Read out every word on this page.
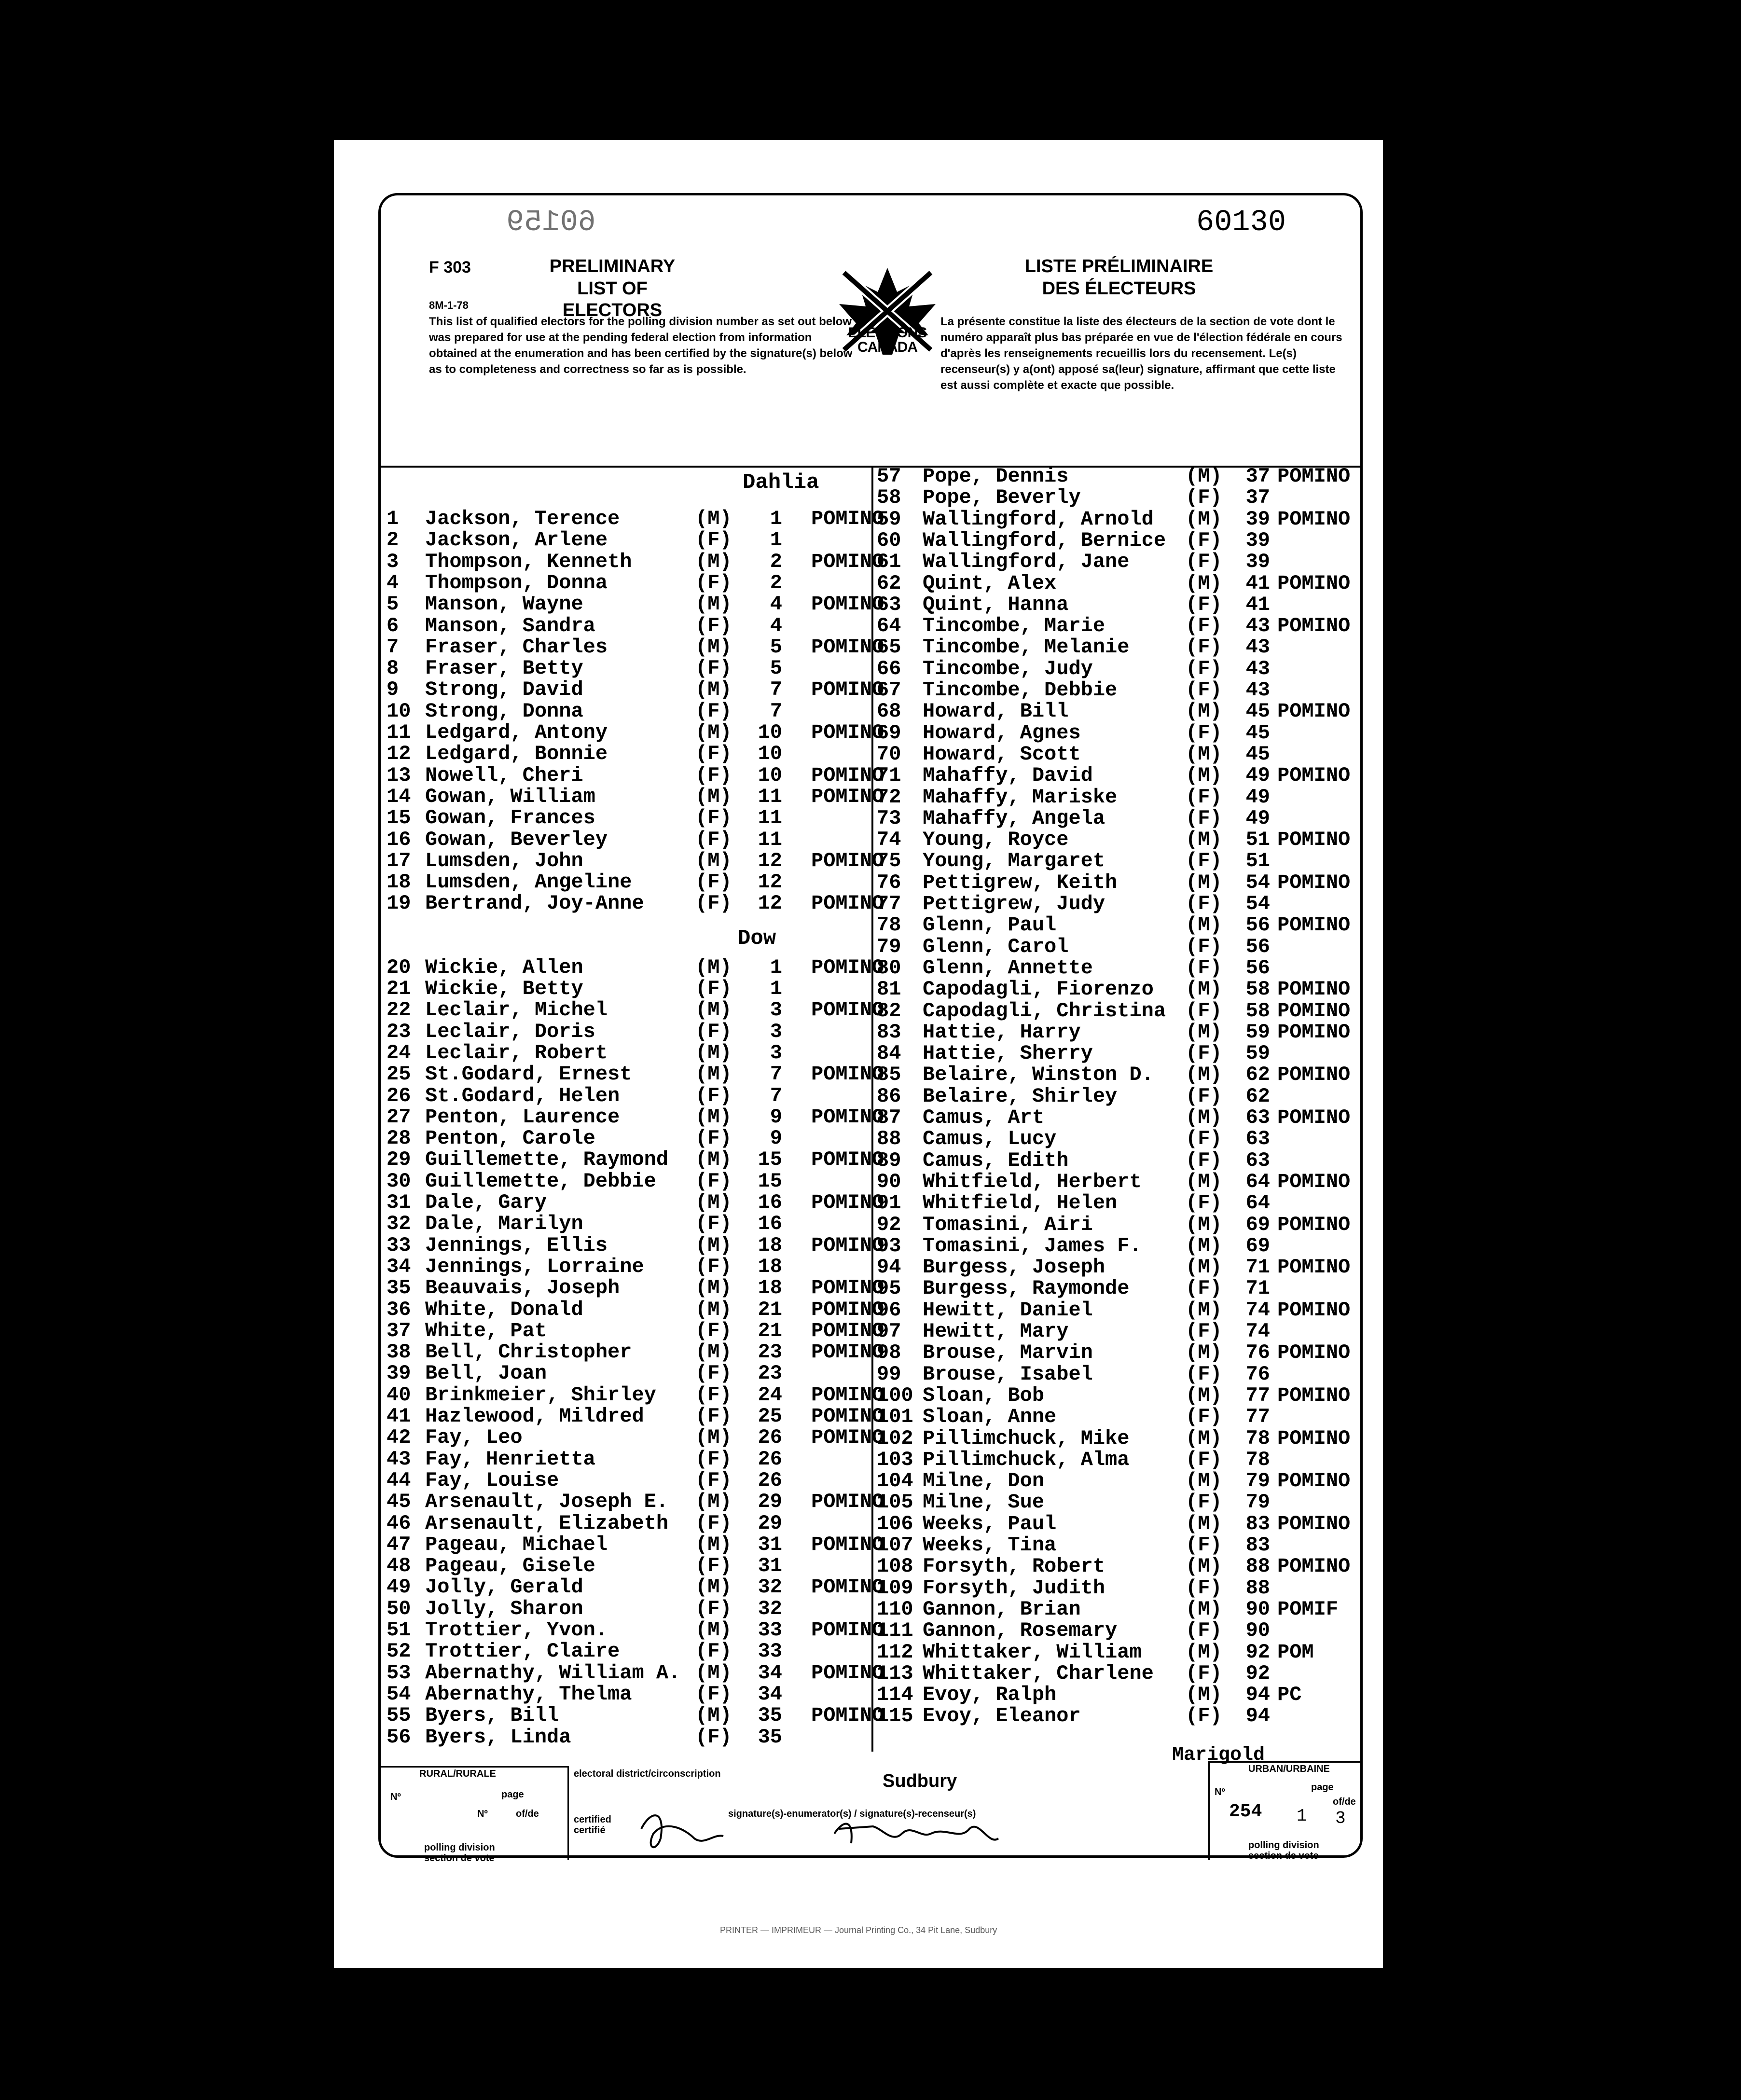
60159	60130
F 303
8M-1-78
PRELIMINARY LIST OF ELECTORS
LISTE PRÉLIMINAIRE DES ÉLECTEURS
ELECTIONS CANADA
This list of qualified electors for the polling division number as set out below was prepared for use at the pending federal election from information obtained at the enumeration and has been certified by the signature(s) below as to completeness and correctness so far as is possible.
La présente constitue la liste des électeurs de la section de vote dont le numéro apparaît plus bas préparée en vue de l'élection fédérale en cours d'après les renseignements recueillis lors du recensement. Le(s) recenseur(s) y a(ont) apposé sa(leur) signature, affirmant que cette liste est aussi complète et exacte que possible.
Dahlia
Dow
Marigold
1 Jackson, Terence	(M)	1 POMINO
2 Jackson, Arlene	(F)	1
3 Thompson, Kenneth	(M)	2 POMINO
4 Thompson, Donna	(F)	2
5 Manson, Wayne	(M)	4 POMINO
6 Manson, Sandra	(F)	4
7 Fraser, Charles	(M)	5 POMINO
8 Fraser, Betty	(F)	5
9 Strong, David	(M)	7 POMINO
10 Strong, Donna	(F)	7
11 Ledgard, Antony	(M)	10 POMINO
12 Ledgard, Bonnie	(F)	10
13 Nowell, Cheri	(F)	10 POMINO
14 Gowan, William	(M)	11 POMINO
15 Gowan, Frances	(F)	11
16 Gowan, Beverley	(F)	11
17 Lumsden, John	(M)	12 POMINO
18 Lumsden, Angeline	(F)	12
19 Bertrand, Joy-Anne	(F)	12 POMINO
20 Wickie, Allen	(M)	1 POMINO
21 Wickie, Betty	(F)	1
22 Leclair, Michel	(M)	3 POMINO
23 Leclair, Doris	(F)	3
24 Leclair, Robert	(M)	3
25 St.Godard, Ernest	(M)	7 POMINO
26 St.Godard, Helen	(F)	7
27 Penton, Laurence	(M)	9 POMINO
28 Penton, Carole	(F)	9
29 Guillemette, Raymond (M)	15 POMINO
30 Guillemette, Debbie (F)	15
31 Dale, Gary	(M)	16 POMINO
32 Dale, Marilyn	(F)	16
33 Jennings, Ellis	(M)	18 POMINO
34 Jennings, Lorraine	(F)	18
35 Beauvais, Joseph	(M)	18 POMINO
36 White, Donald	(M)	21 POMINO
37 White, Pat	(F)	21 POMINO
38 Bell, Christopher	(M)	23 POMINO
39 Bell, Joan	(F)	23
40 Brinkmeier, Shirley (F)	24 POMINO
41 Hazlewood, Mildred	(F)	25 POMINO
42 Fay, Leo	(M)	26 POMINO
43 Fay, Henrietta	(F)	26
44 Fay, Louise	(F)	26
45 Arsenault, Joseph E. (M)	29 POMINO
46 Arsenault, Elizabeth (F)	29
47 Pageau, Michael	(M)	31 POMINO
48 Pageau, Gisele	(F)	31
49 Jolly, Gerald	(M)	32 POMINO
50 Jolly, Sharon	(F)	32
51 Trottier, Yvon.	(M)	33 POMINO
52 Trottier, Claire	(F)	33
53 Abernathy, William A. (M)	34 POMINO
54 Abernathy, Thelma	(F)	34
55 Byers, Bill	(M)	35 POMINO
56 Byers, Linda	(F)	35
57 Pope, Dennis	(M)	37 POMINO
58 Pope, Beverly	(F)	37
59 Wallingford, Arnold (M)	39 POMINO
60 Wallingford, Bernice (F)	39
61 Wallingford, Jane	(F)	39
62 Quint, Alex	(M)	41 POMINO
63 Quint, Hanna	(F)	41
64 Tincombe, Marie	(F)	43 POMINO
65 Tincombe, Melanie	(F)	43
66 Tincombe, Judy	(F)	43
67 Tincombe, Debbie	(F)	43
68 Howard, Bill	(M)	45 POMINO
69 Howard, Agnes	(F)	45
70 Howard, Scott	(M)	45
71 Mahaffy, David	(M)	49 POMINO
72 Mahaffy, Mariske	(F)	49
73 Mahaffy, Angela	(F)	49
74 Young, Royce	(M)	51 POMINO
75 Young, Margaret	(F)	51
76 Pettigrew, Keith	(M)	54 POMINO
77 Pettigrew, Judy	(F)	54
78 Glenn, Paul	(M)	56 POMINO
79 Glenn, Carol	(F)	56
80 Glenn, Annette	(F)	56
81 Capodagli, Fiorenzo (M)	58 POMINO
82 Capodagli, Christina (F)	58 POMINO
83 Hattie, Harry	(M)	59 POMINO
84 Hattie, Sherry	(F)	59
85 Belaire, Winston D. (M)	62 POMINO
86 Belaire, Shirley	(F)	62
87 Camus, Art	(M)	63 POMINO
88 Camus, Lucy	(F)	63
89 Camus, Edith	(F)	63
90 Whitfield, Herbert (M)	64 POMINO
91 Whitfield, Helen	(F)	64
92 Tomasini, Airi	(M)	69 POMINO
93 Tomasini, James F. (M)	69
94 Burgess, Joseph	(M)	71 POMINO
95 Burgess, Raymonde	(F)	71
96 Hewitt, Daniel	(M)	74 POMINO
97 Hewitt, Mary	(F)	74
98 Brouse, Marvin	(M)	76 POMINO
99 Brouse, Isabel	(F)	76
100 Sloan, Bob	(M)	77 POMINO
101 Sloan, Anne	(F)	77
102 Pillimchuck, Mike	(M)	78 POMINO
103 Pillimchuck, Alma	(F)	78
104 Milne, Don	(M)	79 POMINO
105 Milne, Sue	(F)	79
106 Weeks, Paul	(M)	83 POMINO
107 Weeks, Tina	(F)	83
108 Forsyth, Robert	(M)	88 POMINO
109 Forsyth, Judith	(F)	88
110 Gannon, Brian	(M)	90 POMIF
111 Gannon, Rosemary	(F)	90
112 Whittaker, William (M)	92 POM
113 Whittaker, Charlene (F)	92
114 Evoy, Ralph	(M)	94 PC
115 Evoy, Eleanor	(F)	94
RURAL/RURALE
Nº	page
Nº	of/de
polling division section de vote
electoral district/circonscription	Sudbury
certified certifié
signature(s)-enumerator(s) / signature(s)-recenseur(s)
URBAN/URBAINE
Nº
254
page
1
of/de
3
polling division section de vote
PRINTER — IMPRIMEUR — Journal Printing Co., 34 Pit Lane, Sudbury
